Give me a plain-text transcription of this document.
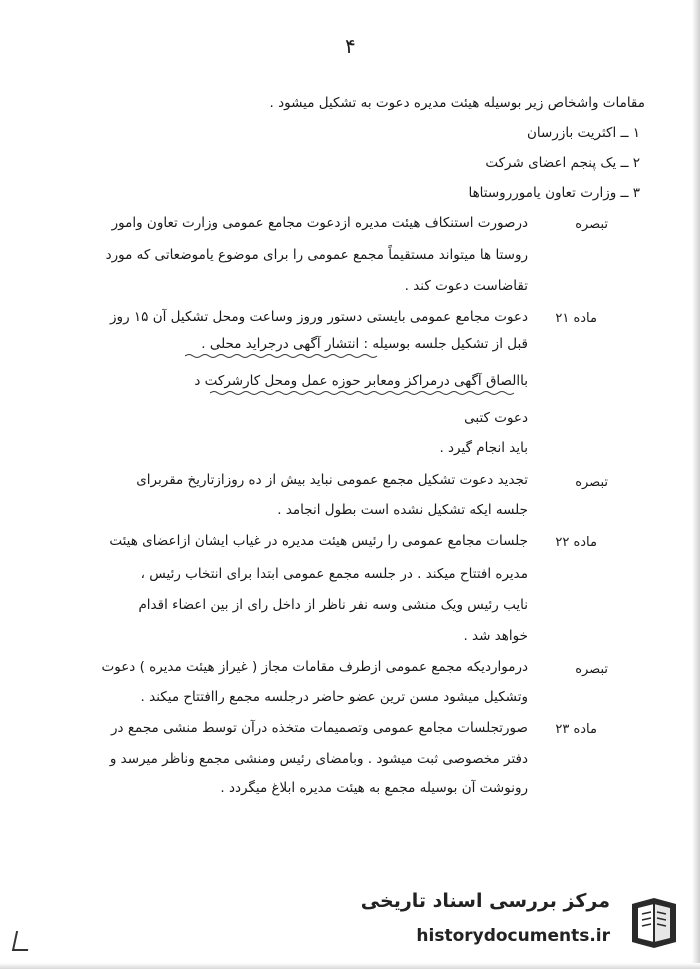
۴
مقامات واشخاص زیر بوسیله هیئت مدیره دعوت به تشکیل میشود .
۱ ــ اکثریت بازرسان
۲ ــ یک پنجم اعضای شرکت
۳ ــ وزارت تعاون یامورروستاها
تبصره
درصورت استنکاف هیئت مدیره ازدعوت مجامع عمومی وزارت تعاون وامور
روستا ها میتواند مستقیماً مجمع عمومی را برای موضوع یاموضعاتی که مورد
تقاضاست دعوت کند .
ماده ۲۱
دعوت مجامع عمومی بایستی دستور وروز وساعت ومحل تشکیل آن ۱۵ روز
قبل از تشکیل جلسه بوسیله : انتشار آگهی درجراید محلی .
باالصاق آگهی درمراکز ومعابر حوزه عمل ومحل کارشرکت د
دعوت کتبی
باید انجام گیرد .
تبصره
تجدید دعوت تشکیل مجمع عمومی نباید بیش از ده روزازتاریخ مقربرای
جلسه ایکه تشکیل نشده است بطول انجامد .
ماده ۲۲
جلسات مجامع عمومی را رئیس هیئت مدیره در غیاب ایشان ازاعضای هیئت
مدیره افتتاح میکند . در جلسه مجمع عمومی ابتدا برای انتخاب رئیس ،
نایب رئیس ویک منشی وسه نفر ناظر از داخل رای از بین اعضاء اقدام
خواهد شد .
تبصره
درمواردیکه مجمع عمومی ازطرف مقامات مجاز ( غیراز هیئت مدیره ) دعوت
وتشکیل میشود مسن ترین عضو حاضر درجلسه مجمع راافتتاح میکند .
ماده ۲۳
صورتجلسات مجامع عمومی وتصمیمات متخذه درآن توسط منشی مجمع در
دفتر مخصوصی ثبت میشود . وبامضای رئیس ومنشی مجمع وناظر میرسد و
رونوشت آن بوسیله مجمع به هیئت مدیره ابلاغ میگردد .
مرکز بررسی اسناد تاریخی
historydocuments.ir
